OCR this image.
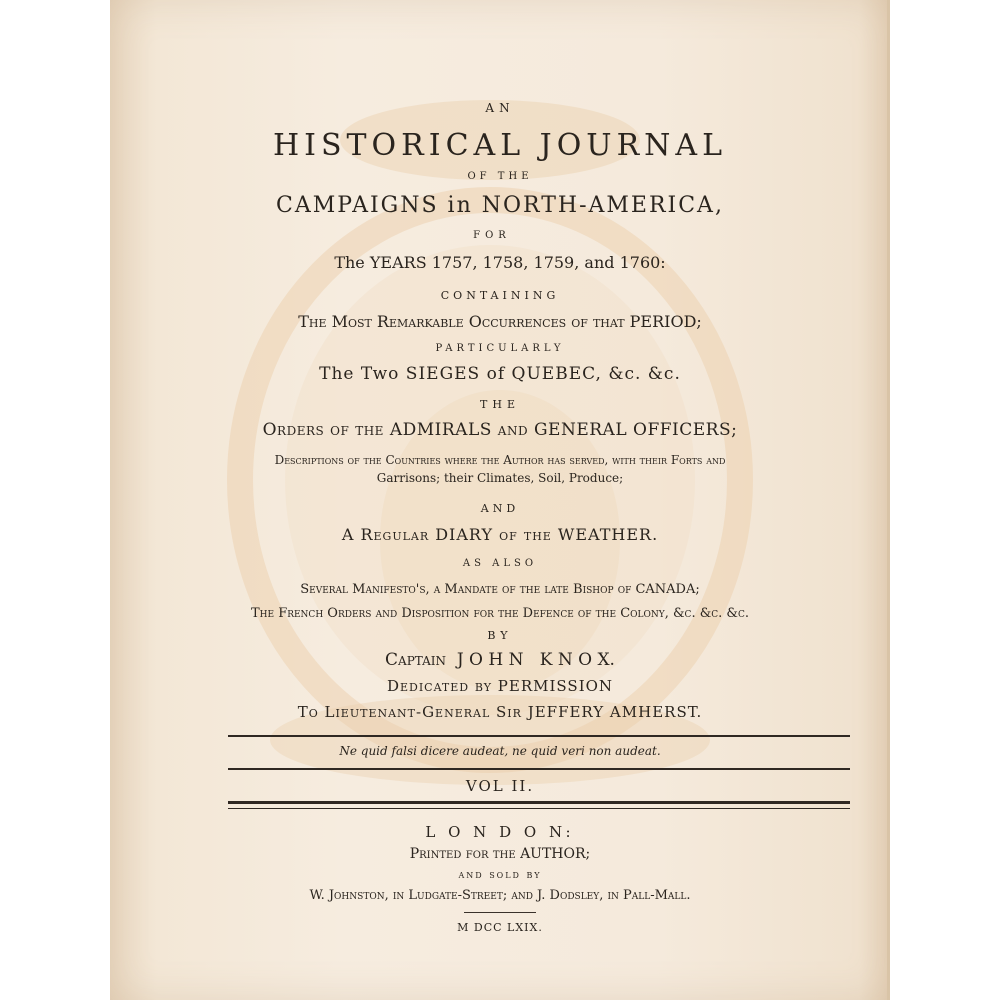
AN
HISTORICAL JOURNAL
OF THE
CAMPAIGNS in NORTH-AMERICA,
FOR
The YEARS 1757, 1758, 1759, and 1760:
CONTAINING
The Most Remarkable Occurrences of that PERIOD;
PARTICULARLY
The Two SIEGES of QUEBEC, &c. &c.
THE
Orders of the ADMIRALS and GENERAL OFFICERS;
Descriptions of the Countries where the Author has served, with their Forts and
Garrisons; their Climates, Soil, Produce;
AND
A Regular DIARY of the WEATHER.
AS ALSO
Several Manifesto's, a Mandate of the late Bishop of CANADA;
The French Orders and Disposition for the Defence of the Colony, &c. &c. &c.
BY
Captain  J O H N   K N O X.
Dedicated by PERMISSION
To Lieutenant-General Sir JEFFERY AMHERST.
Ne quid falsi dicere audeat, ne quid veri non audeat.
VOL II.
L O N D O N:
Printed for the AUTHOR;
and sold by
W. Johnston, in Ludgate-Street; and J. Dodsley, in Pall-Mall.
M DCC LXIX.
